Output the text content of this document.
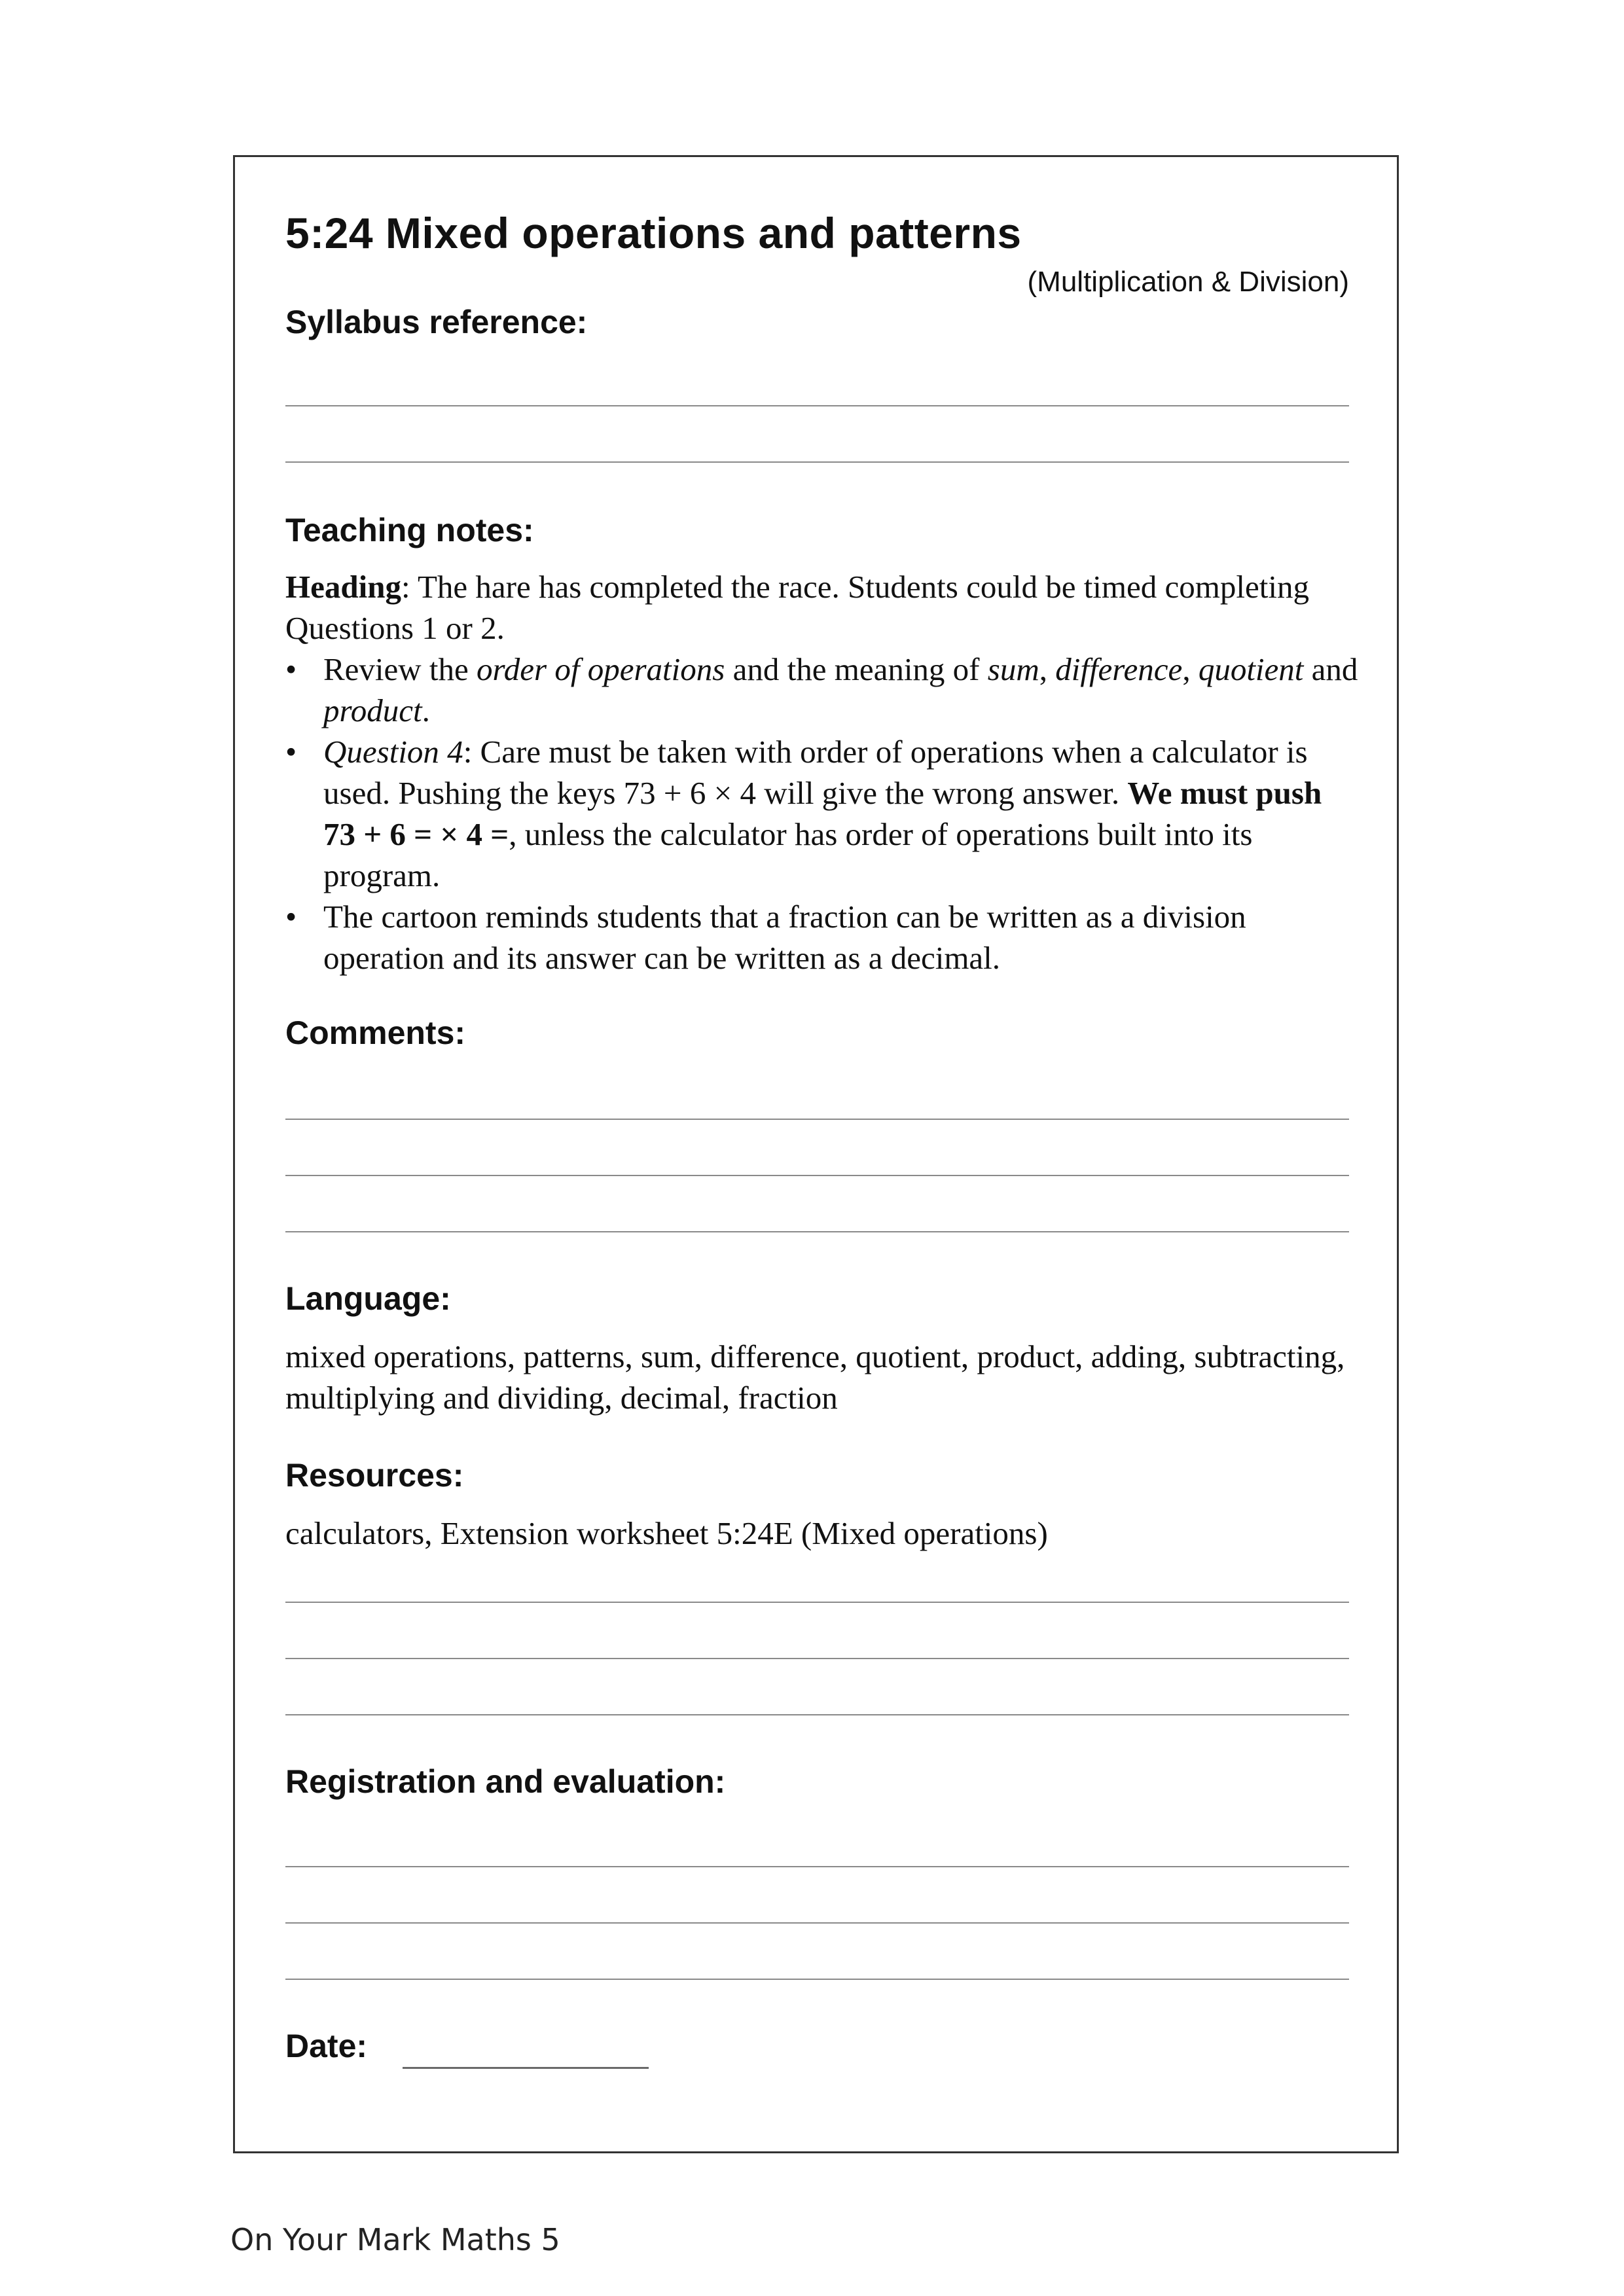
5:24 Mixed operations and patterns
(Multiplication & Division)
Syllabus reference:
Teaching notes:

Heading: The hare has completed the race. Students could be timed completing Questions 1 or 2.

• Review the order of operations and the meaning of sum, difference, quotient and product.
• Question 4: Care must be taken with order of operations when a calculator is used. Pushing the keys 73 + 6 × 4 will give the wrong answer. We must push 73 + 6 = × 4 =, unless the calculator has order of operations built into its program.
• The cartoon reminds students that a fraction can be written as a division operation and its answer can be written as a decimal.
Comments:
Language:

mixed operations, patterns, sum, difference, quotient, product, adding, subtracting, multiplying and dividing, decimal, fraction

Resources:

calculators, Extension worksheet 5:24E (Mixed operations)

Registration and evaluation:
Date:
On Your Mark Maths 5
